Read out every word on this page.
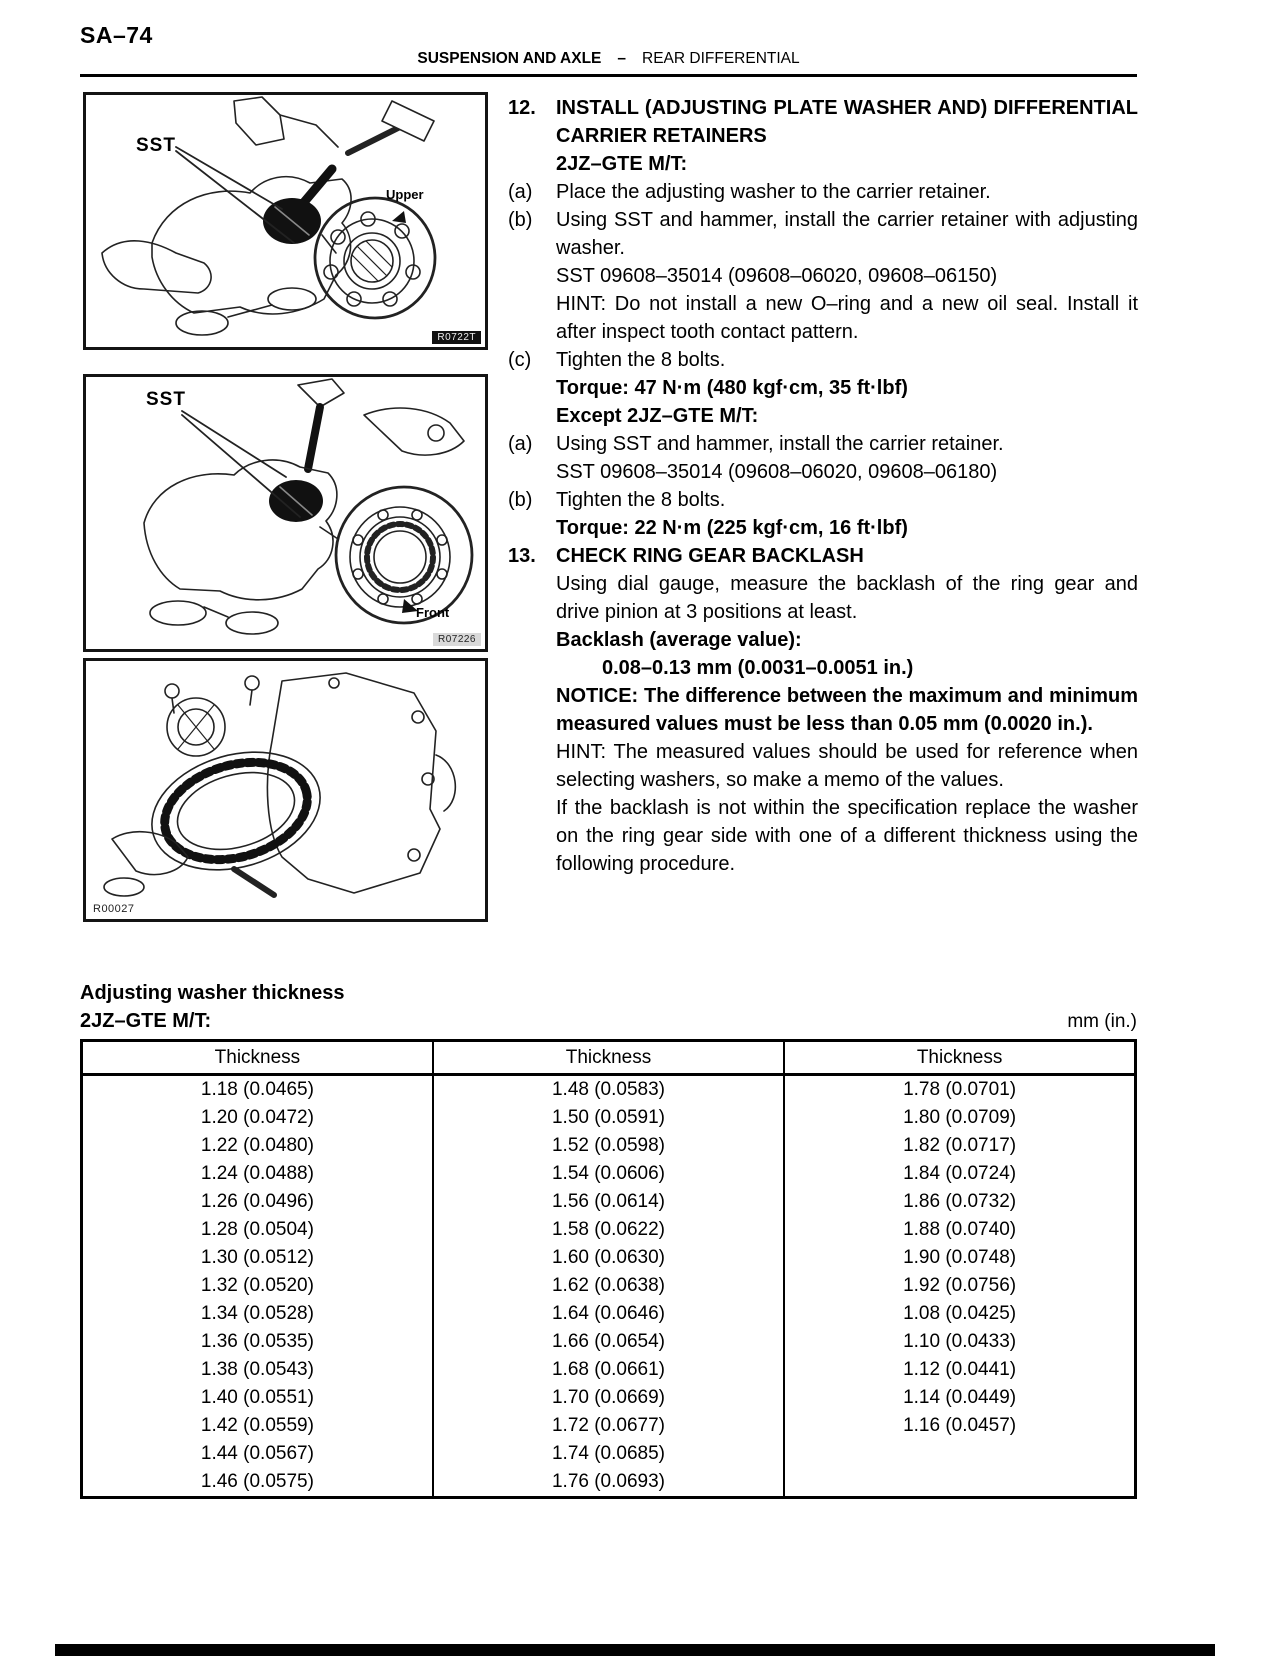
SA–74
SUSPENSION AND AXLE – REAR DIFFERENTIAL
SST
Upper
R0722T
SST
Front
R07226
R00027
12.	INSTALL (ADJUSTING PLATE WASHER AND) DIFFERENTIAL CARRIER RETAINERS
2JZ–GTE M/T:
(a)	Place the adjusting washer to the carrier retainer.
(b)	Using SST and hammer, install the carrier retainer with adjusting washer.
SST 09608–35014 (09608–06020, 09608–06150)
HINT: Do not install a new O–ring and a new oil seal. Install it after inspect tooth contact pattern.
(c)	Tighten the 8 bolts.
Torque: 47 N·m (480 kgf·cm, 35 ft·lbf)
Except 2JZ–GTE M/T:
(a)	Using SST and hammer, install the carrier retainer.
SST 09608–35014 (09608–06020, 09608–06180)
(b)	Tighten the 8 bolts.
Torque: 22 N·m (225 kgf·cm, 16 ft·lbf)
13.	CHECK RING GEAR BACKLASH
Using dial gauge, measure the backlash of the ring gear and drive pinion at 3 positions at least.
Backlash (average value):
0.08–0.13 mm (0.0031–0.0051 in.)
NOTICE: The difference between the maximum and minimum measured values must be less than 0.05 mm (0.0020 in.).
HINT: The measured values should be used for reference when selecting washers, so make a memo of the values.
If the backlash is not within the specification replace the washer on the ring gear side with one of a different thickness using the following procedure.
Adjusting washer thickness
2JZ–GTE M/T:	mm (in.)
Thickness	Thickness	Thickness
1.18 (0.0465)	1.48 (0.0583)	1.78 (0.0701)
1.20 (0.0472)	1.50 (0.0591)	1.80 (0.0709)
1.22 (0.0480)	1.52 (0.0598)	1.82 (0.0717)
1.24 (0.0488)	1.54 (0.0606)	1.84 (0.0724)
1.26 (0.0496)	1.56 (0.0614)	1.86 (0.0732)
1.28 (0.0504)	1.58 (0.0622)	1.88 (0.0740)
1.30 (0.0512)	1.60 (0.0630)	1.90 (0.0748)
1.32 (0.0520)	1.62 (0.0638)	1.92 (0.0756)
1.34 (0.0528)	1.64 (0.0646)	1.08 (0.0425)
1.36 (0.0535)	1.66 (0.0654)	1.10 (0.0433)
1.38 (0.0543)	1.68 (0.0661)	1.12 (0.0441)
1.40 (0.0551)	1.70 (0.0669)	1.14 (0.0449)
1.42 (0.0559)	1.72 (0.0677)	1.16 (0.0457)
1.44 (0.0567)	1.74 (0.0685)	
1.46 (0.0575)	1.76 (0.0693)	
